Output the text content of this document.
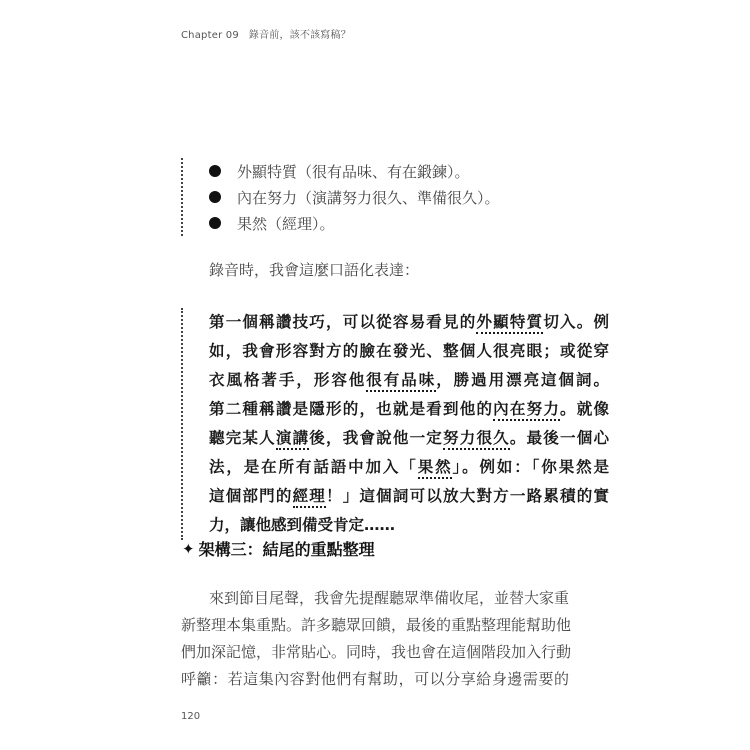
Chapter 09 錄音前，該不該寫稿？
外顯特質（很有品味、有在鍛鍊）。
內在努力（演講努力很久、準備很久）。
果然（經理）。
錄音時，我會這麼口語化表達：
第一個稱讚技巧，可以從容易看見的外顯特質切入。例
如，我會形容對方的臉在發光、整個人很亮眼；或從穿
衣風格著手，形容他很有品味，勝過用漂亮這個詞。
第二種稱讚是隱形的，也就是看到他的內在努力。就像
聽完某人演講後，我會說他一定努力很久。最後一個心
法，是在所有話語中加入「果然」。例如：「你果然是
這個部門的經理！」這個詞可以放大對方一路累積的實
力，讓他感到備受肯定……
✦ 架構三：結尾的重點整理
來到節目尾聲，我會先提醒聽眾準備收尾，並替大家重
新整理本集重點。許多聽眾回饋，最後的重點整理能幫助他
們加深記憶，非常貼心。同時，我也會在這個階段加入行動
呼籲：若這集內容對他們有幫助，可以分享給身邊需要的
120
